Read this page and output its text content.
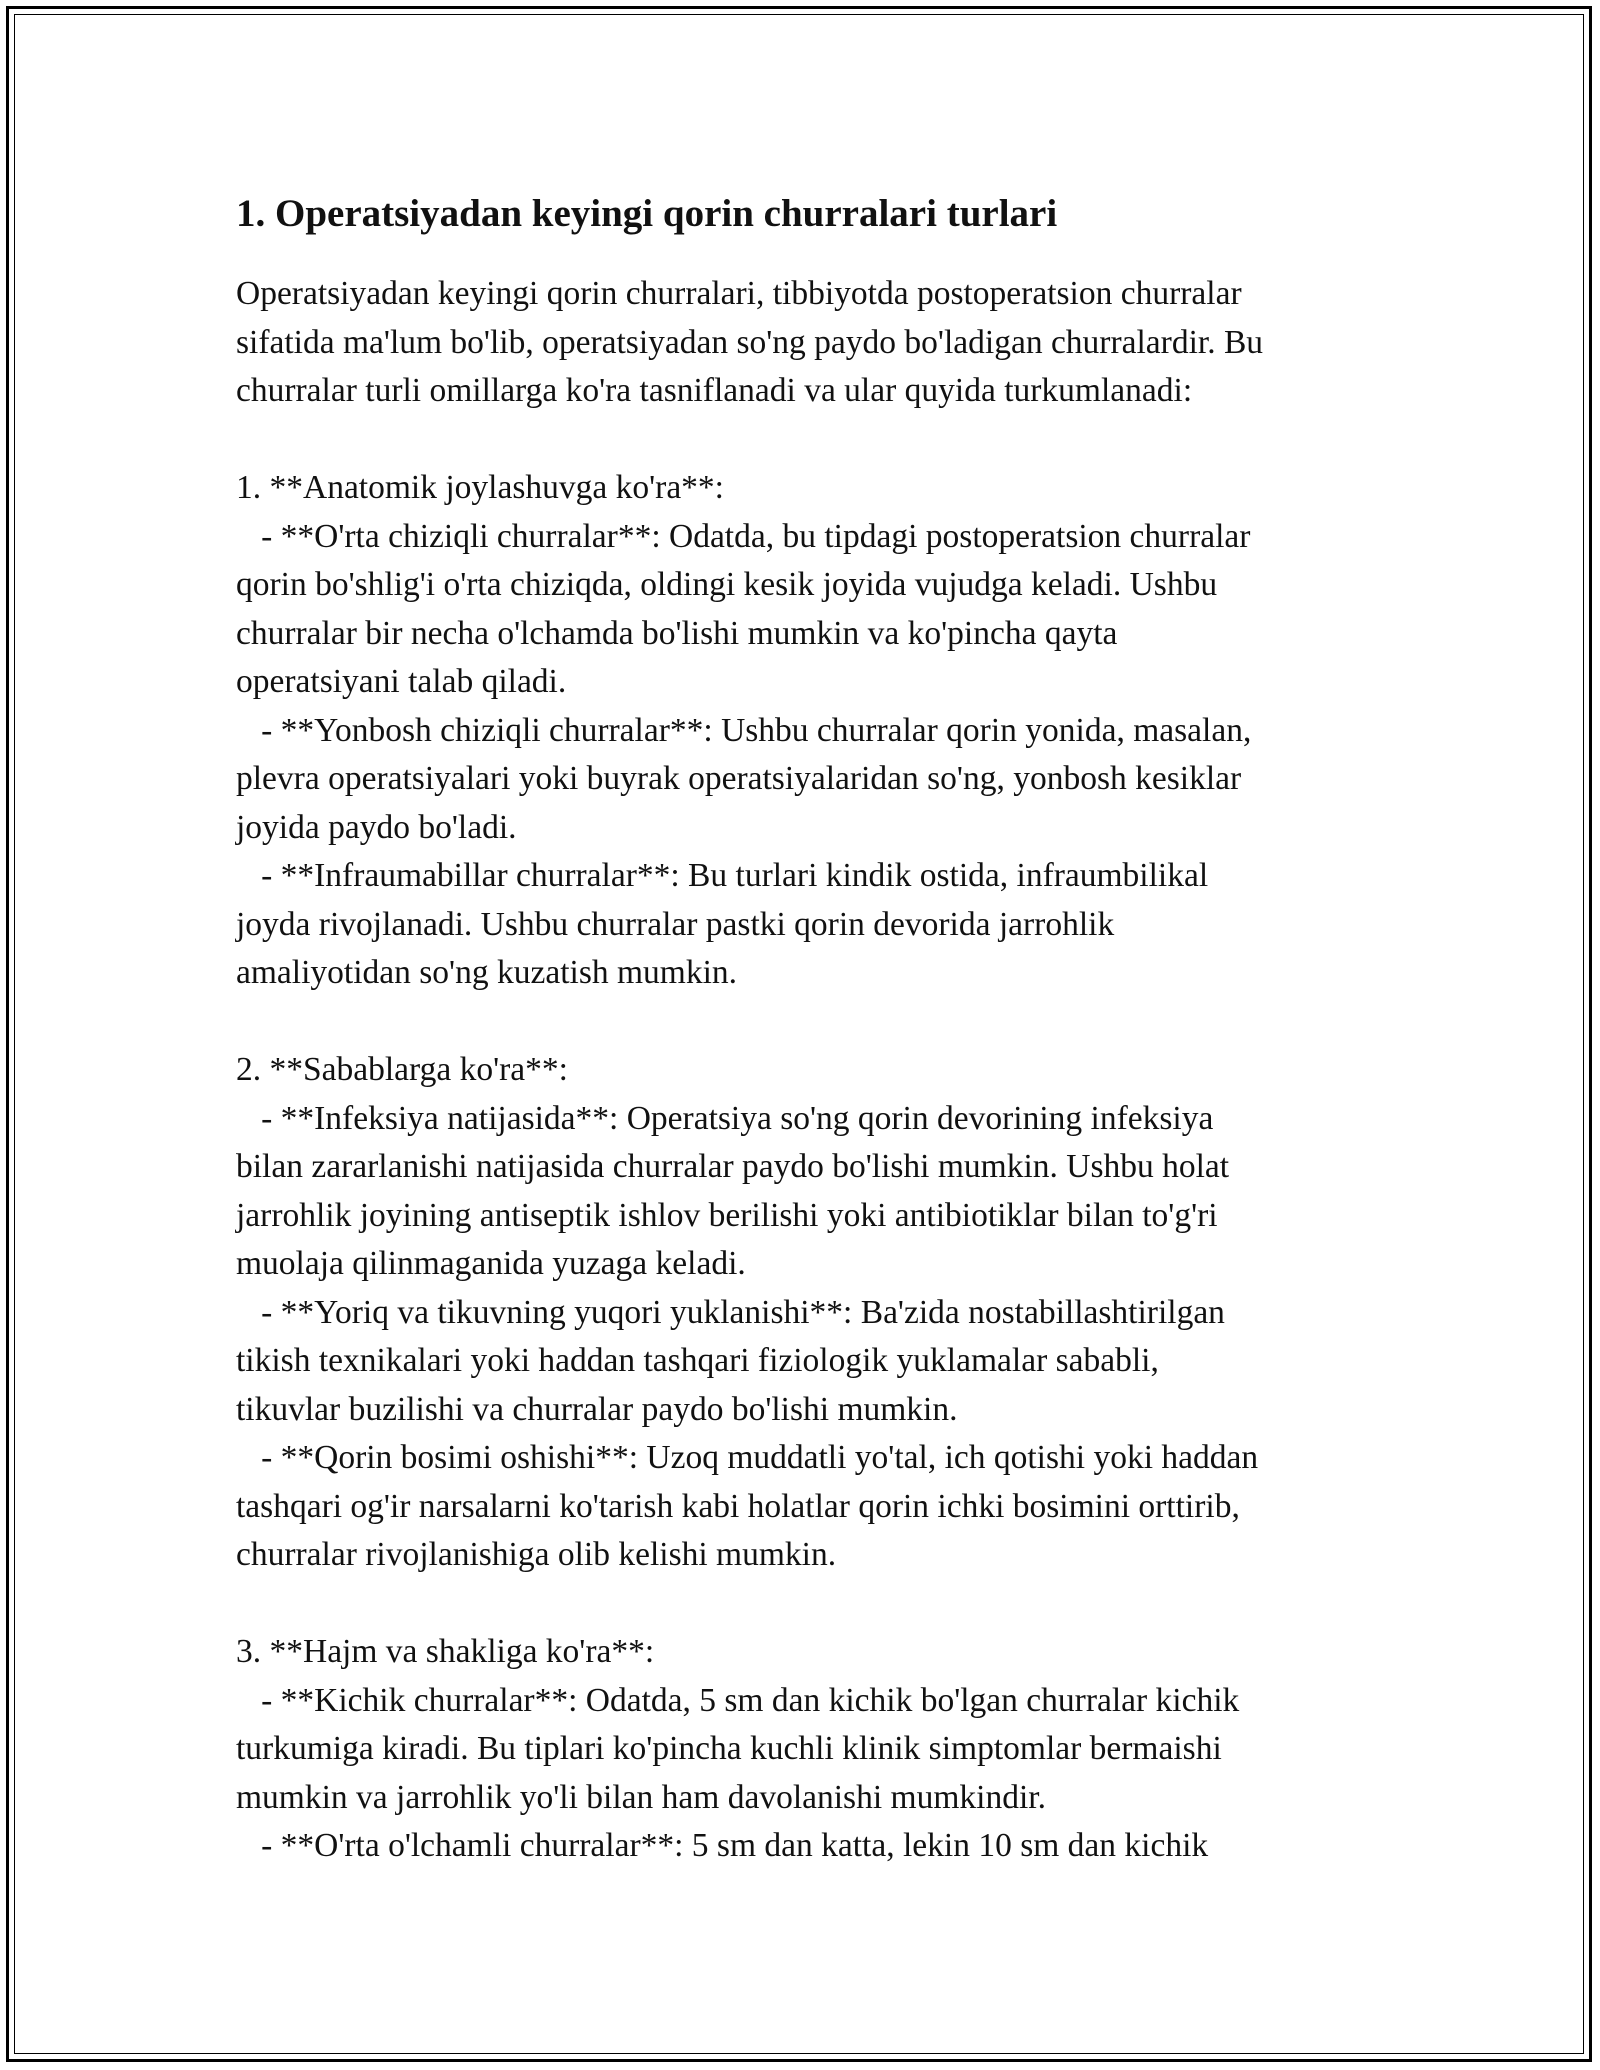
1. Operatsiyadan keyingi qorin churralari turlari
Operatsiyadan keyingi qorin churralari, tibbiyotda postoperatsion churralar
sifatida ma'lum bo'lib, operatsiyadan so'ng paydo bo'ladigan churralardir. Bu
churralar turli omillarga ko'ra tasniflanadi va ular quyida turkumlanadi:
1. **Anatomik joylashuvga ko'ra**:
- **O'rta chiziqli churralar**: Odatda, bu tipdagi postoperatsion churralar
qorin bo'shlig'i o'rta chiziqda, oldingi kesik joyida vujudga keladi. Ushbu
churralar bir necha o'lchamda bo'lishi mumkin va ko'pincha qayta
operatsiyani talab qiladi.
- **Yonbosh chiziqli churralar**: Ushbu churralar qorin yonida, masalan,
plevra operatsiyalari yoki buyrak operatsiyalaridan so'ng, yonbosh kesiklar
joyida paydo bo'ladi.
- **Infraumabillar churralar**: Bu turlari kindik ostida, infraumbilikal
joyda rivojlanadi. Ushbu churralar pastki qorin devorida jarrohlik
amaliyotidan so'ng kuzatish mumkin.
2. **Sabablarga ko'ra**:
- **Infeksiya natijasida**: Operatsiya so'ng qorin devorining infeksiya
bilan zararlanishi natijasida churralar paydo bo'lishi mumkin. Ushbu holat
jarrohlik joyining antiseptik ishlov berilishi yoki antibiotiklar bilan to'g'ri
muolaja qilinmaganida yuzaga keladi.
- **Yoriq va tikuvning yuqori yuklanishi**: Ba'zida nostabillashtirilgan
tikish texnikalari yoki haddan tashqari fiziologik yuklamalar sababli,
tikuvlar buzilishi va churralar paydo bo'lishi mumkin.
- **Qorin bosimi oshishi**: Uzoq muddatli yo'tal, ich qotishi yoki haddan
tashqari og'ir narsalarni ko'tarish kabi holatlar qorin ichki bosimini orttirib,
churralar rivojlanishiga olib kelishi mumkin.
3. **Hajm va shakliga ko'ra**:
- **Kichik churralar**: Odatda, 5 sm dan kichik bo'lgan churralar kichik
turkumiga kiradi. Bu tiplari ko'pincha kuchli klinik simptomlar bermaishi
mumkin va jarrohlik yo'li bilan ham davolanishi mumkindir.
- **O'rta o'lchamli churralar**: 5 sm dan katta, lekin 10 sm dan kichik
